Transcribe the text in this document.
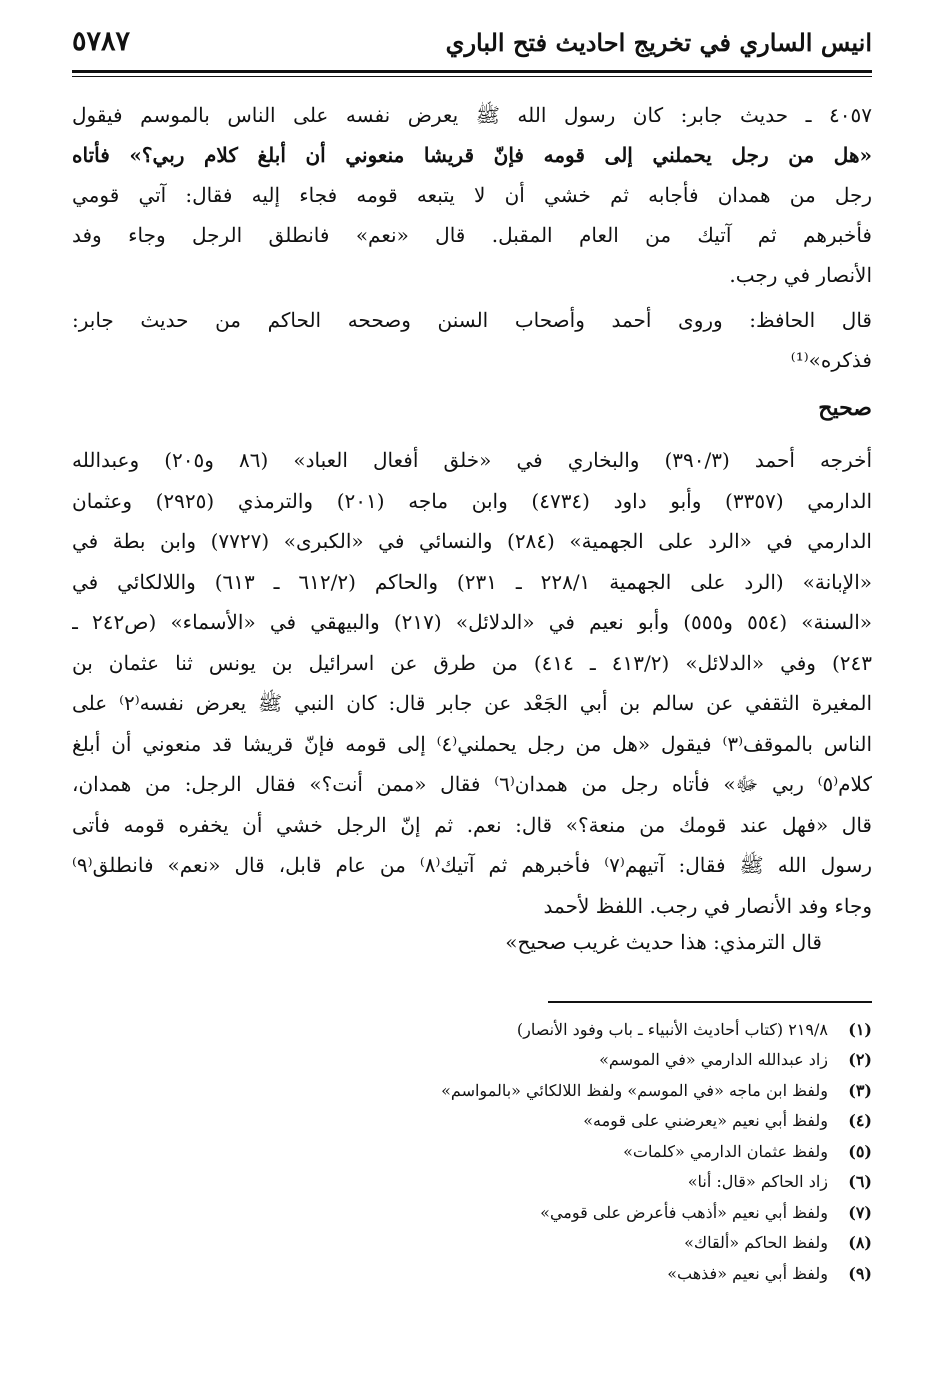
٥٧٨٧	انيس الساري في تخريج احاديث فتح الباري
٤٠٥٧ ـ حديث جابر: كان رسول الله ﷺ يعرض نفسه على الناس بالموسم فيقول
«هل من رجل يحملني إلى قومه فإنّ قريشا منعوني أن أبلغ كلام ربي؟» فأتاه
رجل من همدان فأجابه ثم خشي أن لا يتبعه قومه فجاء إليه فقال: آتي قومي
فأخبرهم ثم آتيك من العام المقبل. قال «نعم» فانطلق الرجل وجاء وفد
الأنصار في رجب.
قال الحافظ: وروى أحمد وأصحاب السنن وصححه الحاكم من حديث جابر:
فذكره»⁽¹⁾
صحيح
أخرجه أحمد (٣٩٠/٣) والبخاري في «خلق أفعال العباد» (٨٦ و٢٠٥) وعبدالله
الدارمي (٣٣٥٧) وأبو داود (٤٧٣٤) وابن ماجه (٢٠١) والترمذي (٢٩٢٥) وعثمان
الدارمي في «الرد على الجهمية» (٢٨٤) والنسائي في «الكبرى» (٧٧٢٧) وابن بطة في
«الإبانة» (الرد على الجهمية ٢٢٨/١ ـ ٢٣١) والحاكم (٦١٢/٢ ـ ٦١٣) واللالكائي في
«السنة» (٥٥٤ و٥٥٥) وأبو نعيم في «الدلائل» (٢١٧) والبيهقي في «الأسماء» (ص٢٤٢ ـ
٢٤٣) وفي «الدلائل» (٤١٣/٢ ـ ٤١٤) من طرق عن اسرائيل بن يونس ثنا عثمان بن
المغيرة الثقفي عن سالم بن أبي الجَعْد عن جابر قال: كان النبي ﷺ يعرض نفسه⁽٢⁾ على
الناس بالموقف⁽٣⁾ فيقول «هل من رجل يحملني⁽٤⁾ إلى قومه فإنّ قريشا قد منعوني أن أبلغ
كلام⁽٥⁾ ربي ﷻ» فأتاه رجل من همدان⁽٦⁾ فقال «ممن أنت؟» فقال الرجل: من همدان،
قال «فهل عند قومك من منعة؟» قال: نعم. ثم إنّ الرجل خشي أن يخفره قومه فأتى
رسول الله ﷺ فقال: آتيهم⁽٧⁾ فأخبرهم ثم آتيك⁽٨⁾ من عام قابل، قال «نعم» فانطلق⁽٩⁾
وجاء وفد الأنصار في رجب. اللفظ لأحمد
قال الترمذي: هذا حديث غريب صحيح»
(١)
٢١٩/٨ (كتاب أحاديث الأنبياء ـ باب وفود الأنصار)
(٢)
زاد عبدالله الدارمي «في الموسم»
(٣)
ولفظ ابن ماجه «في الموسم» ولفظ اللالكائي «بالمواسم»
(٤)
ولفظ أبي نعيم «يعرضني على قومه»
(٥)
ولفظ عثمان الدارمي «كلمات»
(٦)
زاد الحاكم «قال: أنا»
(٧)
ولفظ أبي نعيم «أذهب فأعرض على قومي»
(٨)
ولفظ الحاكم «ألقاك»
(٩)
ولفظ أبي نعيم «فذهب»
